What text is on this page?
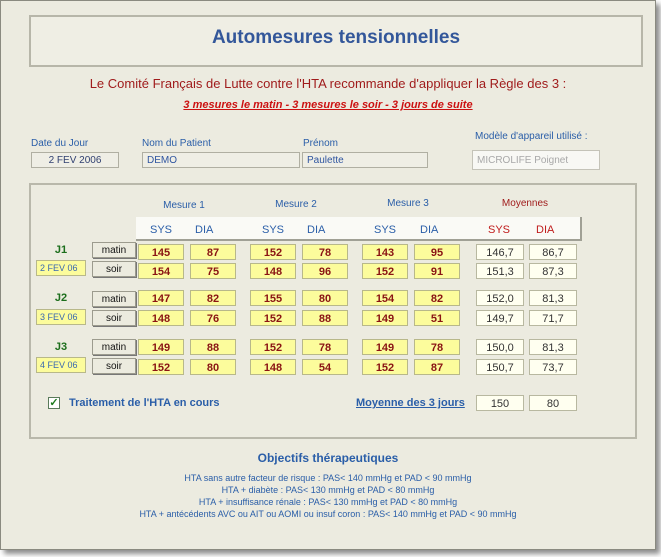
Automesures tensionnelles
Le Comité Français de Lutte contre l'HTA recommande d'appliquer la Règle des 3 :
3 mesures le matin - 3 mesures le soir - 3 jours de suite
Date du Jour
2 FEV 2006
Nom du Patient
DEMO
Prénom
Paulette
Modèle d'appareil utilisé :
MICROLIFE Poignet
Mesure 1	Mesure 2	Mesure 3	Moyennes
SYS DIA	SYS DIA	SYS DIA	SYS DIA
J1
2 FEV 06
matin
soir
145	87	152	78	143	95	146,7	86,7
154	75	148	96	152	91	151,3	87,3
J2
3 FEV 06
matin
soir
147	82	155	80	154	82	152,0	81,3
148	76	152	88	149	51	149,7	71,7
J3
4 FEV 06
matin
soir
149	88	152	78	149	78	150,0	81,3
152	80	148	54	152	87	150,7	73,7
✓ Traitement de l'HTA en cours	Moyenne des 3 jours	150	80
Objectifs thérapeutiques
HTA sans autre facteur de risque : PAS< 140 mmHg et PAD < 90 mmHg
HTA + diabète : PAS< 130 mmHg et PAD < 80 mmHg
HTA + insuffisance rénale : PAS< 130 mmHg et PAD < 80 mmHg
HTA + antécédents AVC ou AIT ou AOMI ou insuf coron : PAS< 140 mmHg et PAD < 90 mmHg
